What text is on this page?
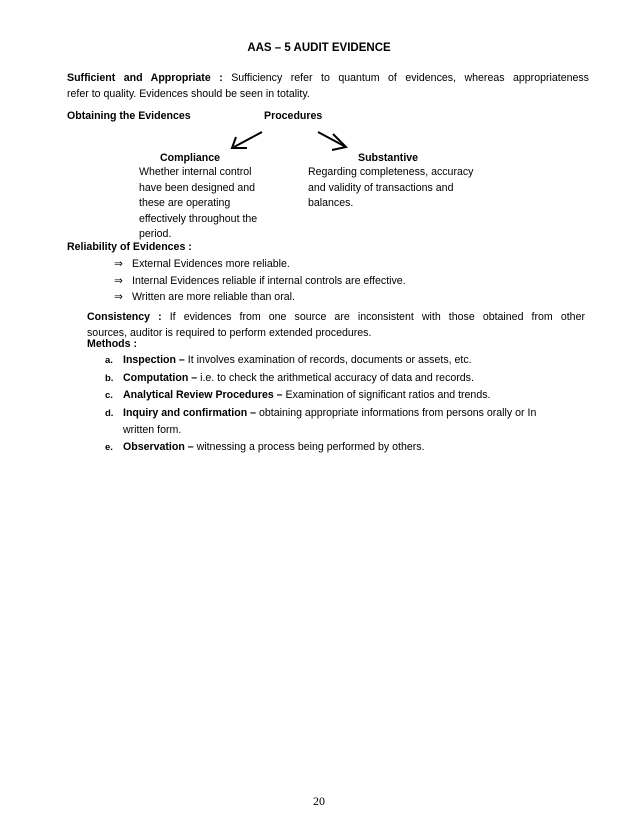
AAS – 5 AUDIT EVIDENCE
Sufficient and Appropriate : Sufficiency refer to quantum of evidences, whereas appropriateness
refer to quality. Evidences should be seen in totality.
Obtaining the Evidences	Procedures
Compliance
Whether internal control
have been designed and
these are operating
effectively throughout the
period.
Substantive
Regarding completeness, accuracy
and validity of transactions and
balances.
Reliability of Evidences :
⇒ External Evidences more reliable.
⇒ Internal Evidences reliable if internal controls are effective.
⇒ Written are more reliable than oral.
Consistency : If evidences from one source are inconsistent with those obtained from other
sources, auditor is required to perform extended procedures.
Methods :
a. Inspection – It involves examination of records, documents or assets, etc.
b. Computation – i.e. to check the arithmetical accuracy of data and records.
c. Analytical Review Procedures – Examination of significant ratios and trends.
d. Inquiry and confirmation – obtaining appropriate informations from persons orally or In
written form.
e. Observation – witnessing a process being performed by others.
20
